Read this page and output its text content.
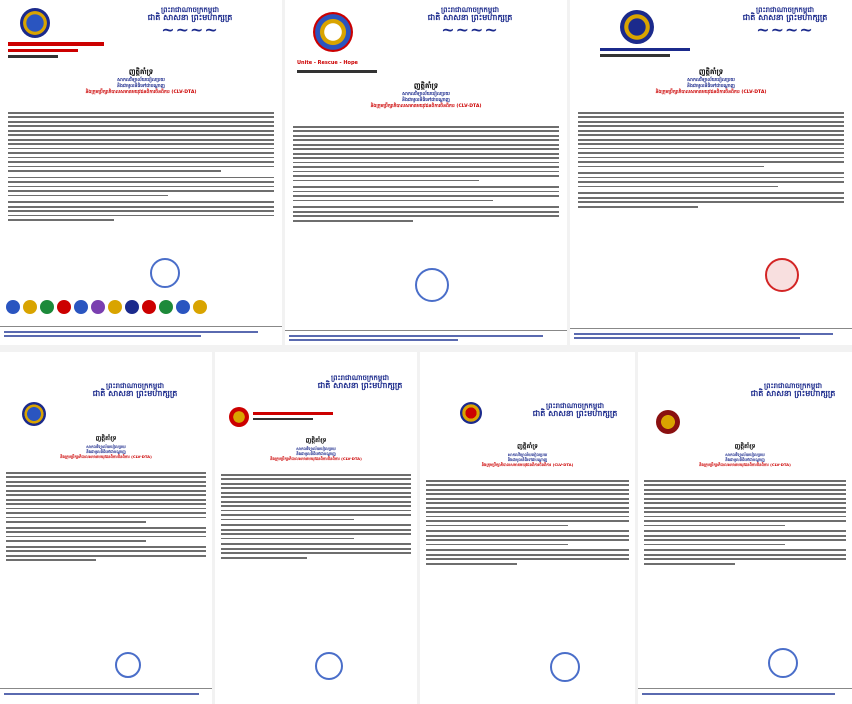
ព្រះរាជាណាចក្រកម្ពុជា
ជាតិ សាសនា ព្រះមហាក្សត្រ
~~~~
ញត្តិគាំទ្រ
សាកលវិទ្យាល័យបៀលប្រយ
និងជាមូលនិធិទៅជាបណ្ដាញ
និងក្រុមប្រឹក្សាភិបាលសមាគមយុវជនពិការចិនពិការ (CLV-DTA)
ព្រះរាជាណាចក្រកម្ពុជា
ជាតិ សាសនា ព្រះមហាក្សត្រ
~~~~
Unite - Rescue - Hope
ញត្តិគាំទ្រ
សាកលវិទ្យាល័យបៀលប្រយ
និងជាមូលនិធិទៅជាបណ្ដាញ
និងក្រុមប្រឹក្សាភិបាលសមាគមយុវជនពិការចិនពិការ (CLV-DTA)
ព្រះរាជាណាចក្រកម្ពុជា
ជាតិ សាសនា ព្រះមហាក្សត្រ
~~~~
ញត្តិគាំទ្រ
សាកលវិទ្យាល័យបៀលប្រយ
និងជាមូលនិធិទៅជាបណ្ដាញ
និងក្រុមប្រឹក្សាភិបាលសមាគមយុវជនពិការចិនពិការ (CLV-DTA)
ព្រះរាជាណាចក្រកម្ពុជា
ជាតិ សាសនា ព្រះមហាក្សត្រ
ញត្តិគាំទ្រ
សាកលវិទ្យាល័យបៀលប្រយ
និងជាមូលនិធិទៅជាបណ្ដាញ
និងក្រុមប្រឹក្សាភិបាលសមាគមយុវជនពិការចិនពិការ (CLV-DTA)
ព្រះរាជាណាចក្រកម្ពុជា
ជាតិ សាសនា ព្រះមហាក្សត្រ
ញត្តិគាំទ្រ
សាកលវិទ្យាល័យបៀលប្រយ
និងជាមូលនិធិទៅជាបណ្ដាញ
និងក្រុមប្រឹក្សាភិបាលសមាគមយុវជនពិការចិនពិការ (CLV-DTA)
ព្រះរាជាណាចក្រកម្ពុជា
ជាតិ សាសនា ព្រះមហាក្សត្រ
ញត្តិគាំទ្រ
សាកលវិទ្យាល័យបៀលប្រយ
និងជាមូលនិធិទៅជាបណ្ដាញ
និងក្រុមប្រឹក្សាភិបាលសមាគមយុវជនពិការចិនពិការ (CLV-DTA)
ព្រះរាជាណាចក្រកម្ពុជា
ជាតិ សាសនា ព្រះមហាក្សត្រ
ញត្តិគាំទ្រ
សាកលវិទ្យាល័យបៀលប្រយ
និងជាមូលនិធិទៅជាបណ្ដាញ
និងក្រុមប្រឹក្សាភិបាលសមាគមយុវជនពិការចិនពិការ (CLV-DTA)
